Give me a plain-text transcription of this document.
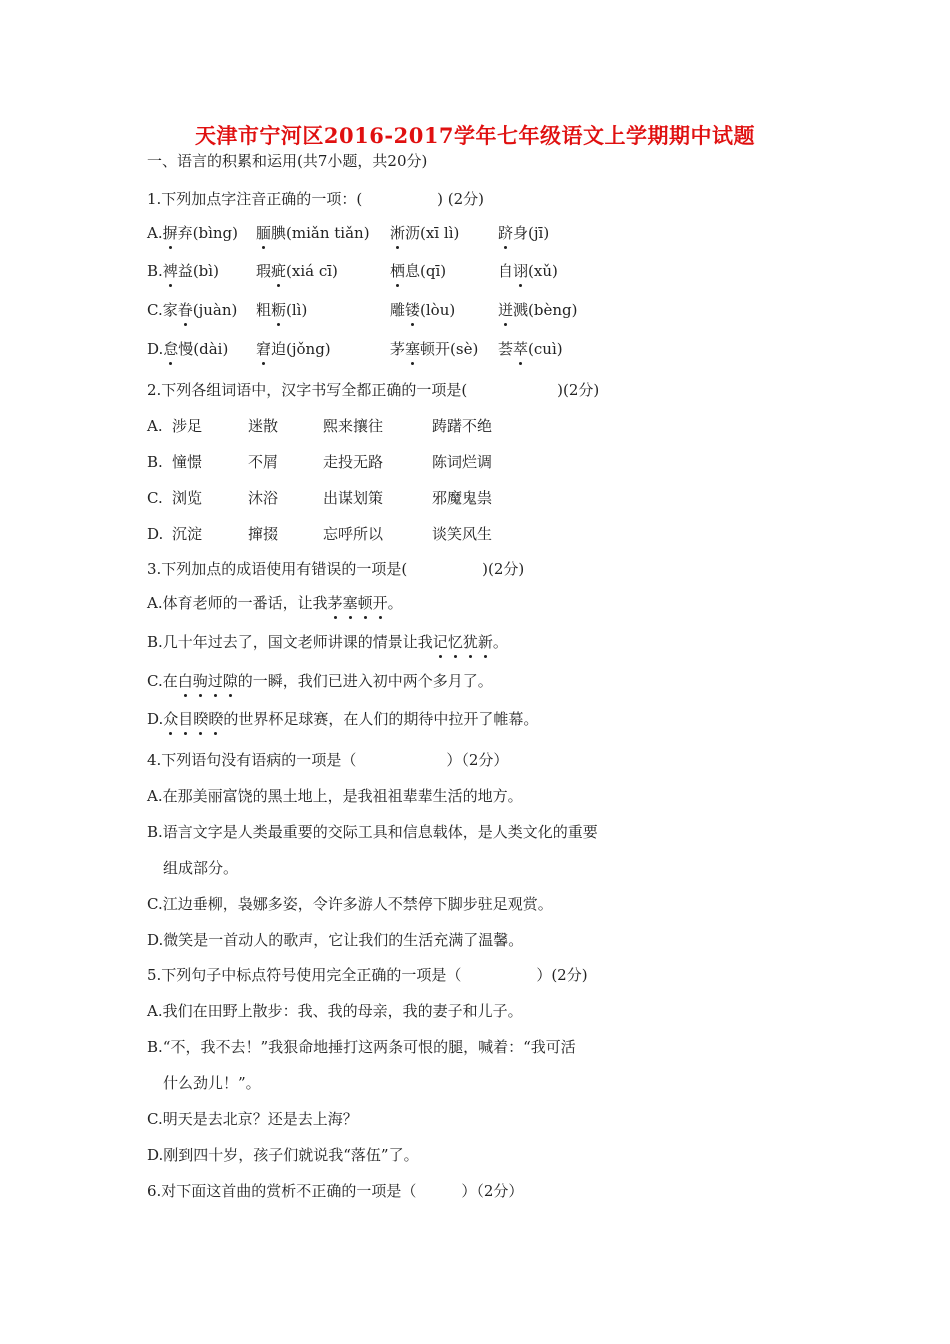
天津市宁河区2016-2017学年七年级语文上学期期中试题
一、语言的积累和运用(共7小题，共20分)
1.下列加点字注音正确的一项：(　　　　　) (2分)
A.摒弃(bìng) 腼腆(miǎn tiǎn) 淅沥(xī lì)	跻身(jī)
B.裨益(bì) 瑕疵(xiá cī)	栖息(qī)	自诩(xǔ)
C.家眷(juàn) 粗粝(lì)	雕镂(lòu)	迸溅(bèng)
D.怠慢(dài) 窘迫(jǒng)	茅塞顿开(sè) 荟萃(cuì)
2.下列各组词语中，汉字书写全都正确的一项是(　　　　　　)(2分)
A. 涉足	迷散	熙来攘往	踌躇不绝
B. 憧憬	不屑	走投无路	陈词烂调
C. 浏览	沐浴	出谋划策	邪魔鬼祟
D. 沉淀	撺掇	忘呼所以	谈笑风生
3.下列加点的成语使用有错误的一项是(　　　　　)(2分)
A.体育老师的一番话，让我茅塞顿开。
B.几十年过去了，国文老师讲课的情景让我记忆犹新。
C.在白驹过隙的一瞬，我们已进入初中两个多月了。
D.众目睽睽的世界杯足球赛，在人们的期待中拉开了帷幕。
4.下列语句没有语病的一项是（　　　　　　）（2分）
A.在那美丽富饶的黑土地上，是我祖祖辈辈生活的地方。
B.语言文字是人类最重要的交际工具和信息载体，是人类文化的重要
组成部分。
C.江边垂柳，袅娜多姿，令许多游人不禁停下脚步驻足观赏。
D.微笑是一首动人的歌声，它让我们的生活充满了温馨。
5.下列句子中标点符号使用完全正确的一项是（　　　　　）(2分)
A.我们在田野上散步：我、我的母亲，我的妻子和儿子。
B.“不，我不去！”我狠命地捶打这两条可恨的腿，喊着：“我可活
什么劲儿！”。
C.明天是去北京？还是去上海？
D.刚到四十岁，孩子们就说我“落伍”了。
6.对下面这首曲的赏析不正确的一项是（　　　）（2分）
